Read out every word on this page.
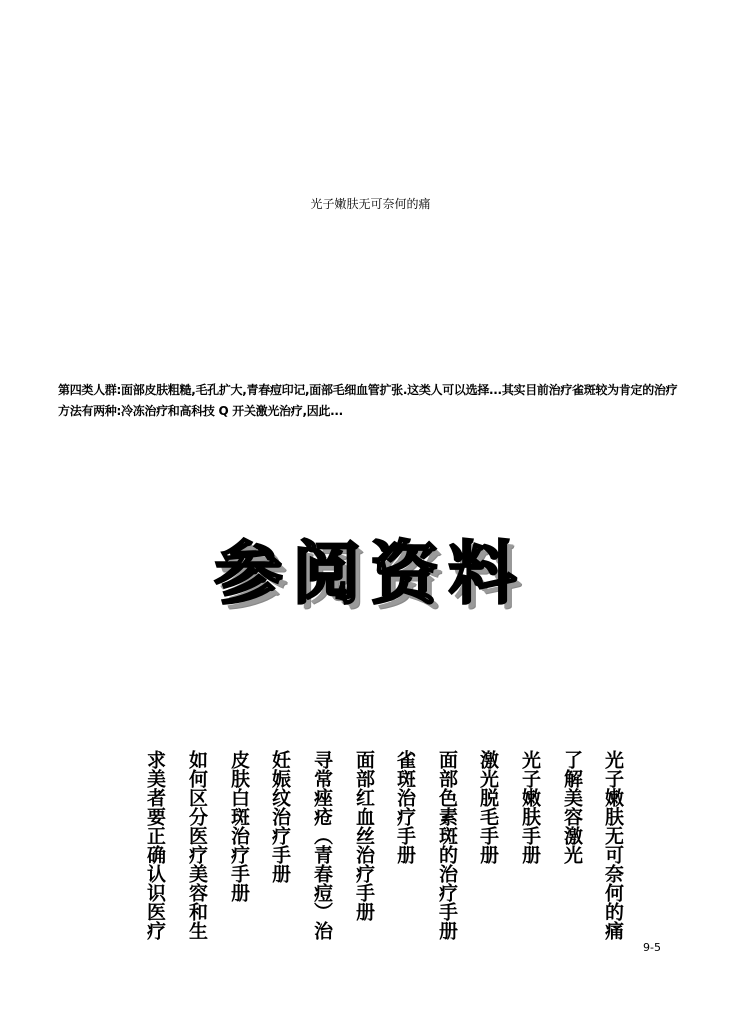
光子嫩肤无可奈何的痛
第四类人群:面部皮肤粗糙,毛孔扩大,青春痘印记,面部毛细血管扩张.这类人可以选择...其实目前治疗雀斑较为肯定的治疗方法有两种:冷冻治疗和高科技 Q 开关激光治疗,因此...
参阅资料
求美者要正确认识医疗 如何区分医疗美容和生 皮肤白斑治疗手册 妊娠纹治疗手册 寻常痤疮（青春痘）治 面部红血丝治疗手册 雀斑治疗手册 面部色素斑的治疗手册 激光脱毛手册 光子嫩肤手册 了解美容激光 光子嫩肤无可奈何的痛
9-5
